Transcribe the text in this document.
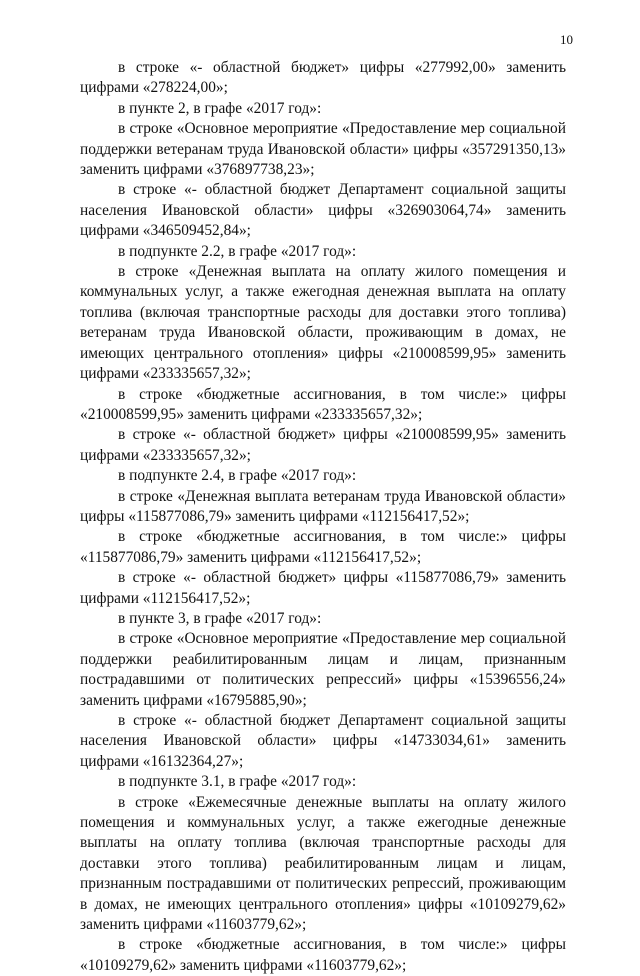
10

в строке «- областной бюджет» цифры «277992,00» заменить цифрами «278224,00»;

в пункте 2, в графе «2017 год»:

в строке «Основное мероприятие «Предоставление мер социальной поддержки ветеранам труда Ивановской области» цифры «357291350,13» заменить цифрами «376897738,23»;

в строке «- областной бюджет Департамент социальной защиты населения Ивановской области» цифры «326903064,74» заменить цифрами «346509452,84»;

в подпункте 2.2, в графе «2017 год»:

в строке «Денежная выплата на оплату жилого помещения и коммунальных услуг, а также ежегодная денежная выплата на оплату топлива (включая транспортные расходы для доставки этого топлива) ветеранам труда Ивановской области, проживающим в домах, не имеющих центрального отопления» цифры «210008599,95» заменить цифрами «233335657,32»;

в строке «бюджетные ассигнования, в том числе:» цифры «210008599,95» заменить цифрами «233335657,32»;

в строке «- областной бюджет» цифры «210008599,95» заменить цифрами «233335657,32»;

в подпункте 2.4, в графе «2017 год»:

в строке «Денежная выплата ветеранам труда Ивановской области» цифры «115877086,79» заменить цифрами «112156417,52»;

в строке «бюджетные ассигнования, в том числе:» цифры «115877086,79» заменить цифрами «112156417,52»;

в строке «- областной бюджет» цифры «115877086,79» заменить цифрами «112156417,52»;

в пункте 3, в графе «2017 год»:

в строке «Основное мероприятие «Предоставление мер социальной поддержки реабилитированным лицам и лицам, признанным пострадавшими от политических репрессий» цифры «15396556,24» заменить цифрами «16795885,90»;

в строке «- областной бюджет Департамент социальной защиты населения Ивановской области» цифры «14733034,61» заменить цифрами «16132364,27»;

в подпункте 3.1, в графе «2017 год»:

в строке «Ежемесячные денежные выплаты на оплату жилого помещения и коммунальных услуг, а также ежегодные денежные выплаты на оплату топлива (включая транспортные расходы для доставки этого топлива) реабилитированным лицам и лицам, признанным пострадавшими от политических репрессий, проживающим в домах, не имеющих центрального отопления» цифры «10109279,62» заменить цифрами «11603779,62»;

в строке «бюджетные ассигнования, в том числе:» цифры «10109279,62» заменить цифрами «11603779,62»;
